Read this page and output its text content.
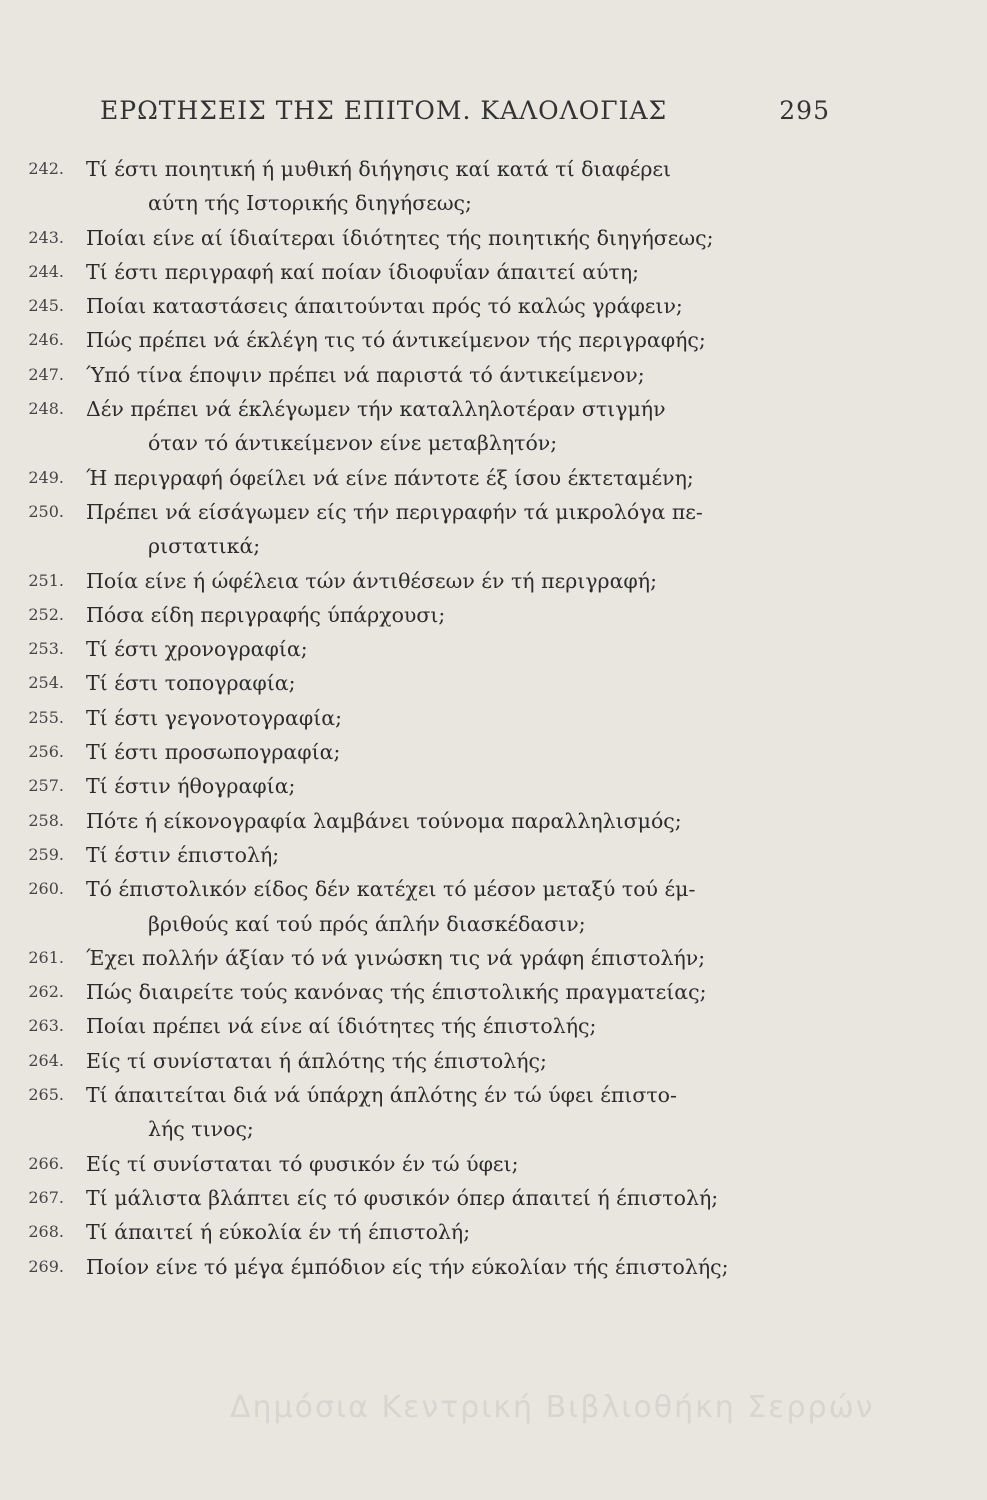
ΕΡΩΤΗΣΕΙΣ ΤΗΣ ΕΠΙΤΟΜ. ΚΑΛΟΛΟΓΙΑΣ	295
242. Τί έστι ποιητική ή μυθική διήγησις καί κατά τί διαφέρει
αύτη τής Ιστορικής διηγήσεως;
243. Ποίαι είνε αί ίδιαίτεραι ίδιότητες τής ποιητικής διηγήσεως;
244. Τί έστι περιγραφή καί ποίαν ίδιοφυΐαν άπαιτεί αύτη;
245. Ποίαι καταστάσεις άπαιτούνται πρός τό καλώς γράφειν;
246. Πώς πρέπει νά έκλέγη τις τό άντικείμενον τής περιγραφής;
247. Ύπό τίνα έποψιν πρέπει νά παριστά τό άντικείμενον;
248. Δέν πρέπει νά έκλέγωμεν τήν καταλληλοτέραν στιγμήν
όταν τό άντικείμενον είνε μεταβλητόν;
249. Ή περιγραφή όφείλει νά είνε πάντοτε έξ ίσου έκτεταμένη;
250. Πρέπει νά είσάγωμεν είς τήν περιγραφήν τά μικρολόγα πε-
ριστατικά;
251. Ποία είνε ή ώφέλεια τών άντιθέσεων έν τή περιγραφή;
252. Πόσα είδη περιγραφής ύπάρχουσι;
253. Τί έστι χρονογραφία;
254. Τί έστι τοπογραφία;
255. Τί έστι γεγονοτογραφία;
256. Τί έστι προσωπογραφία;
257. Τί έστιν ήθογραφία;
258. Πότε ή είκονογραφία λαμβάνει τούνομα παραλληλισμός;
259. Τί έστιν έπιστολή;
260. Τό έπιστολικόν είδος δέν κατέχει τό μέσον μεταξύ τού έμ-
βριθούς καί τού πρός άπλήν διασκέδασιν;
261. Έχει πολλήν άξίαν τό νά γινώσκη τις νά γράφη έπιστολήν;
262. Πώς διαιρείτε τούς κανόνας τής έπιστολικής πραγματείας;
263. Ποίαι πρέπει νά είνε αί ίδιότητες τής έπιστολής;
264. Είς τί συνίσταται ή άπλότης τής έπιστολής;
265. Τί άπαιτείται διά νά ύπάρχη άπλότης έν τώ ύφει έπιστο-
λής τινος;
266. Είς τί συνίσταται τό φυσικόν έν τώ ύφει;
267. Τί μάλιστα βλάπτει είς τό φυσικόν όπερ άπαιτεί ή έπιστολή;
268. Τί άπαιτεί ή εύκολία έν τή έπιστολή;
269. Ποίον είνε τό μέγα έμπόδιον είς τήν εύκολίαν τής έπιστολής;
Δημόσια Κεντρική Βιβλιοθήκη Σερρών
